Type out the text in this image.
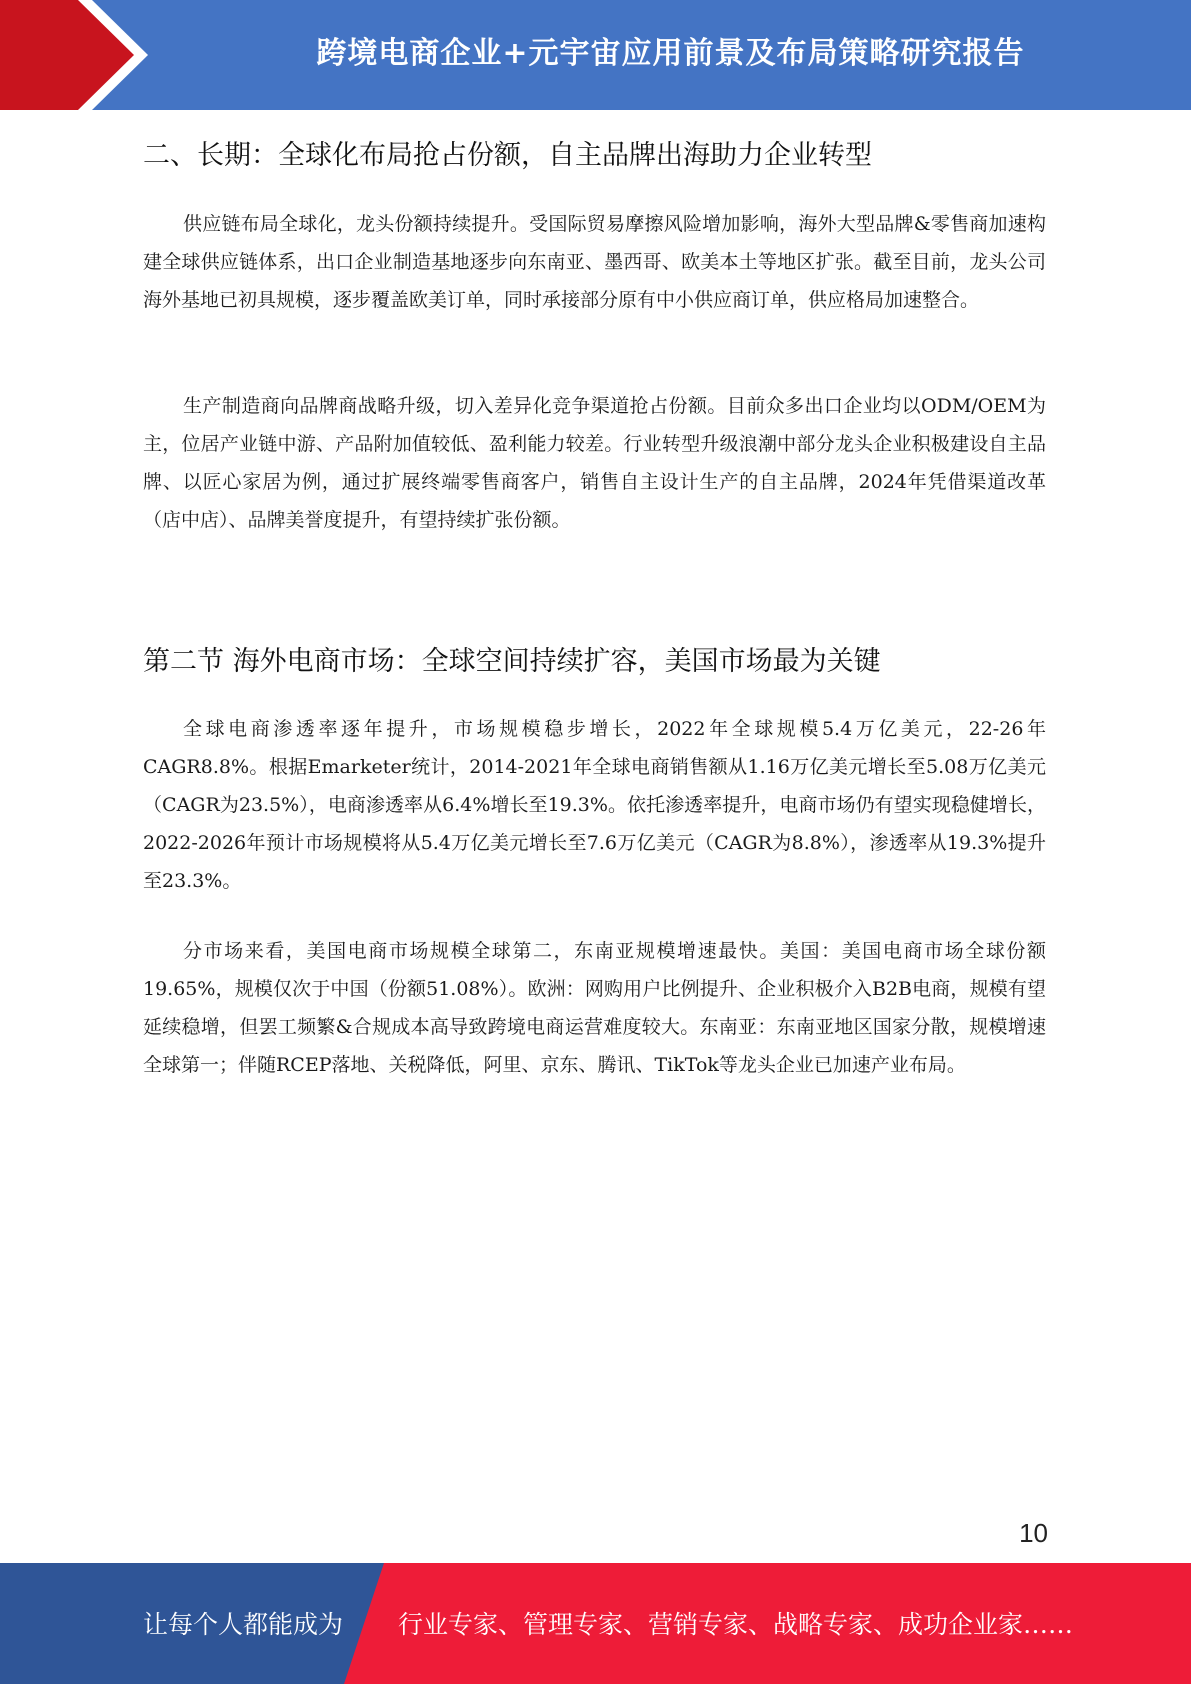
跨境电商企业+元宇宙应用前景及布局策略研究报告
二、长期：全球化布局抢占份额，自主品牌出海助力企业转型

供应链布局全球化，龙头份额持续提升。受国际贸易摩擦风险增加影响，海外大型品牌&零售商加速构建全球供应链体系，出口企业制造基地逐步向东南亚、墨西哥、欧美本土等地区扩张。截至目前，龙头公司海外基地已初具规模，逐步覆盖欧美订单，同时承接部分原有中小供应商订单，供应格局加速整合。

生产制造商向品牌商战略升级，切入差异化竞争渠道抢占份额。目前众多出口企业均以ODM/OEM为主，位居产业链中游、产品附加值较低、盈利能力较差。行业转型升级浪潮中部分龙头企业积极建设自主品牌、以匠心家居为例，通过扩展终端零售商客户，销售自主设计生产的自主品牌，2024年凭借渠道改革（店中店）、品牌美誉度提升，有望持续扩张份额。

第二节 海外电商市场：全球空间持续扩容，美国市场最为关键

全球电商渗透率逐年提升，市场规模稳步增长，2022年全球规模5.4万亿美元，22-26年CAGR8.8%。根据Emarketer统计，2014-2021年全球电商销售额从1.16万亿美元增长至5.08万亿美元（CAGR为23.5%），电商渗透率从6.4%增长至19.3%。依托渗透率提升，电商市场仍有望实现稳健增长，2022-2026年预计市场规模将从5.4万亿美元增长至7.6万亿美元（CAGR为8.8%），渗透率从19.3%提升至23.3%。

分市场来看，美国电商市场规模全球第二，东南亚规模增速最快。美国：美国电商市场全球份额19.65%，规模仅次于中国（份额51.08%）。欧洲：网购用户比例提升、企业积极介入B2B电商，规模有望延续稳增，但罢工频繁&合规成本高导致跨境电商运营难度较大。东南亚：东南亚地区国家分散，规模增速全球第一；伴随RCEP落地、关税降低，阿里、京东、腾讯、TikTok等龙头企业已加速产业布局。

10
让每个人都能成为 行业专家、管理专家、营销专家、战略专家、成功企业家……
